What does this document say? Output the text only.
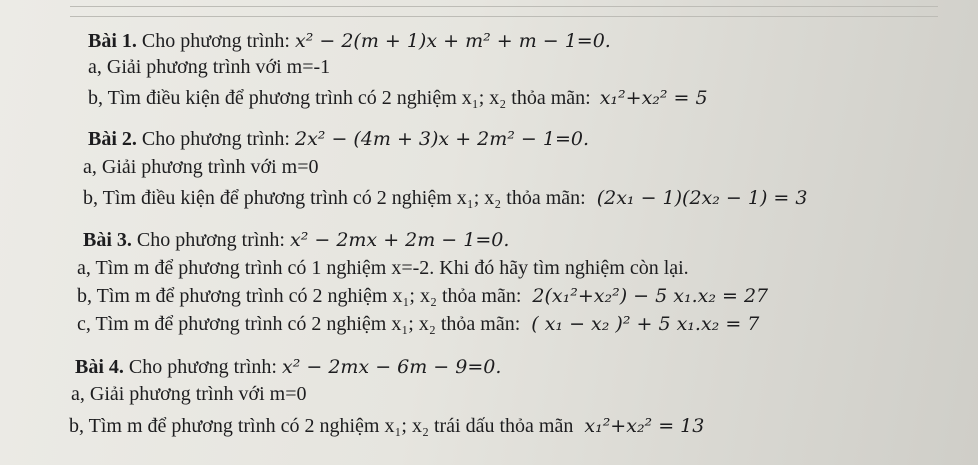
Bài 1. Cho phương trình: x² − 2(m + 1)x + m² + m − 1=0.
a, Giải phương trình với m=-1
b, Tìm điều kiện để phương trình có 2 nghiệm x₁; x₂ thỏa mãn: x₁²+x₂² = 5
Bài 2. Cho phương trình: 2x² − (4m + 3)x + 2m² − 1=0.
a, Giải phương trình với m=0
b, Tìm điều kiện để phương trình có 2 nghiệm x₁; x₂ thỏa mãn: (2x₁ − 1)(2x₂ − 1) = 3
Bài 3. Cho phương trình: x² − 2mx + 2m − 1=0.
a, Tìm m để phương trình có 1 nghiệm x=-2. Khi đó hãy tìm nghiệm còn lại.
b, Tìm m để phương trình có 2 nghiệm x₁; x₂ thỏa mãn: 2(x₁²+x₂²) − 5 x₁.x₂ = 27
c, Tìm m để phương trình có 2 nghiệm x₁; x₂ thỏa mãn: ( x₁ − x₂ )² + 5 x₁.x₂ = 7
Bài 4. Cho phương trình: x² − 2mx − 6m − 9=0.
a, Giải phương trình với m=0
b, Tìm m để phương trình có 2 nghiệm x₁; x₂ trái dấu thỏa mãn x₁²+x₂² = 13
